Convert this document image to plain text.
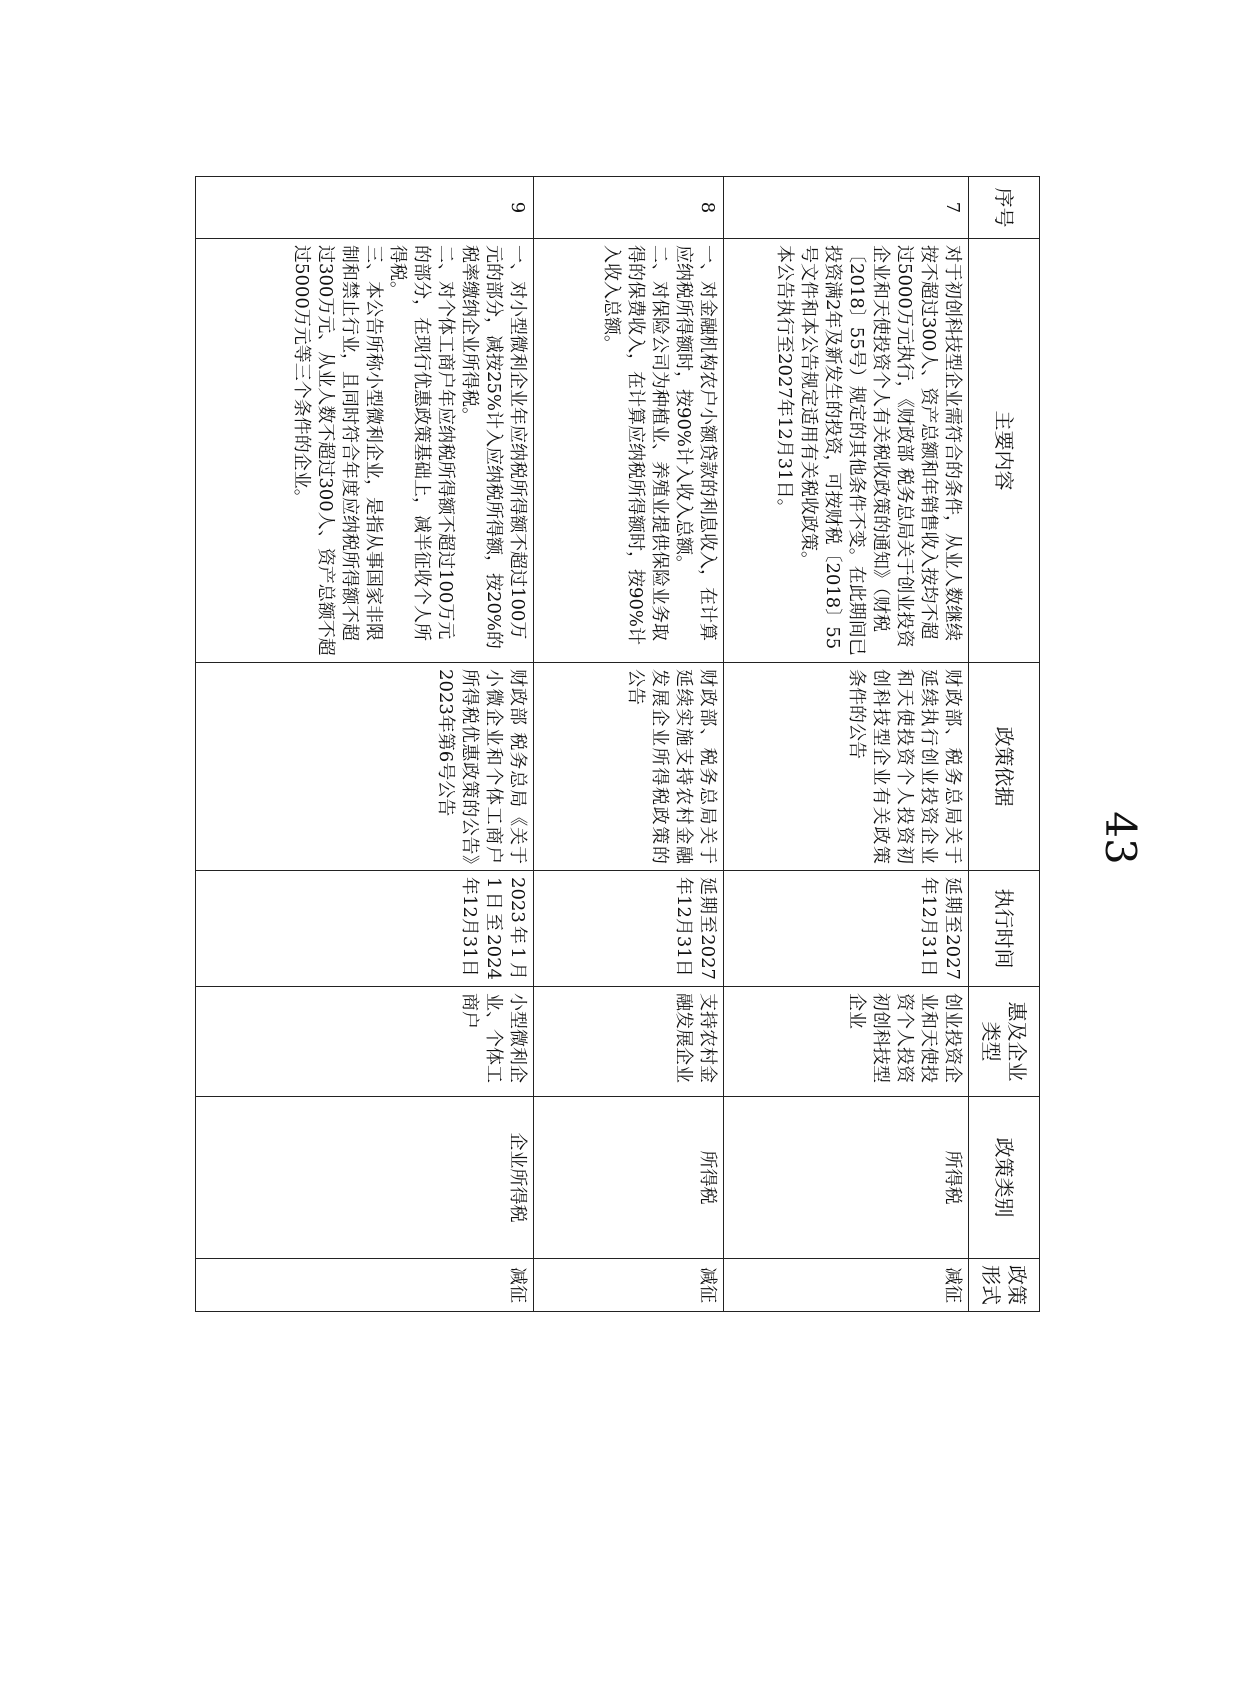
序号	主要内容	政策依据	执行时间	惠及企业类型	政策类别	政策形式

7	对于初创科技型企业需符合的条件，从业人数继续按不超过300人、资产总额和年销售收入按均不超过5000万元执行，《财政部 税务总局关于创业投资企业和天使投资个人有关税收政策的通知》（财税〔2018〕55号）规定的其他条件不变。在此期间已投资满2年及新发生的投资，可按财税〔2018〕55号文件和本公告规定适用有关税收政策。
本公告执行至2027年12月31日。	财政部、税务总局关于延续执行创业投资企业和天使投资个人投资初创科技型企业有关政策条件的公告	延期至2027年12月31日	创业投资企业和天使投资个人投资初创科技型企业	所得税	减征
8	一、对金融机构农户小额贷款的利息收入，在计算应纳税所得额时，按90%计入收入总额。
二、对保险公司为种植业、养殖业提供保险业务取得的保费收入，在计算应纳税所得额时，按90%计入收入总额。	财政部、税务总局关于延续实施支持农村金融发展企业所得税政策的公告	延期至2027年12月31日	支持农村金融发展企业	所得税	减征
9	一、对小型微利企业年应纳税所得额不超过100万元的部分，减按25%计入应纳税所得额，按20%的税率缴纳企业所得税。
二、对个体工商户年应纳税所得额不超过100万元的部分，在现行优惠政策基础上，减半征收个人所得税。
三、本公告所称小型微利企业，是指从事国家非限制和禁止行业，且同时符合年度应纳税所得额不超过300万元、从业人数不超过300人、资产总额不超过5000万元等三个条件的企业。	财政部 税务总局《关于小微企业和个体工商户所得税优惠政策的公告》2023年第6号公告	2023年1月1日至2024年12月31日	小型微利企业、个体工商户	企业所得税	减征
43
